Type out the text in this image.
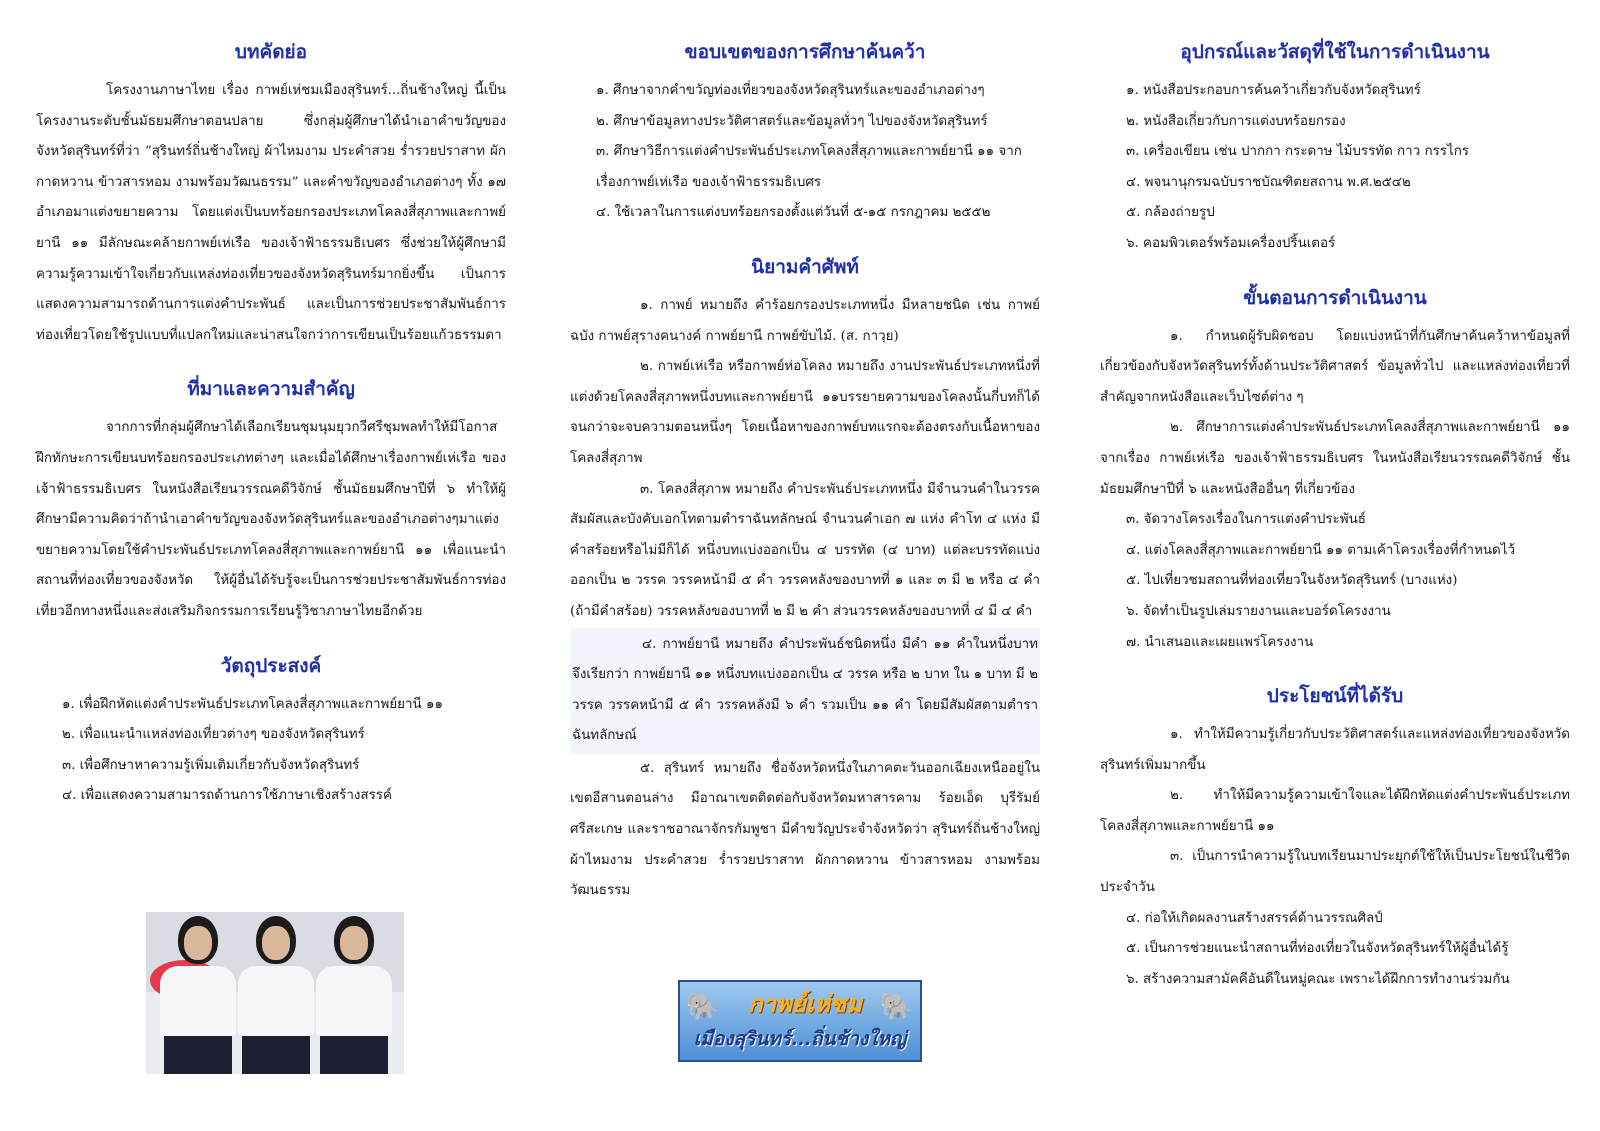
บทคัดย่อ

โครงงานภาษาไทย เรื่อง กาพย์เห่ชมเมืองสุรินทร์...ถิ่นช้างใหญ่ นี้เป็นโครงงานระดับชั้นมัธยมศึกษาตอนปลาย ซึ่งกลุ่มผู้ศึกษาได้นำเอาคำขวัญของจังหวัดสุรินทร์ที่ว่า “สุรินทร์ถิ่นช้างใหญ่ ผ้าไหมงาม ประคำสวย ร่ำรวยปราสาท ผักกาดหวาน ข้าวสารหอม งามพร้อมวัฒนธรรม” และคำขวัญของอำเภอต่างๆ ทั้ง ๑๗ อำเภอมาแต่งขยายความ โดยแต่งเป็นบทร้อยกรองประเภทโคลงสี่สุภาพและกาพย์ยานี ๑๑ มีลักษณะคล้ายกาพย์เห่เรือ ของเจ้าฟ้าธรรมธิเบศร ซึ่งช่วยให้ผู้ศึกษามีความรู้ความเข้าใจเกี่ยวกับแหล่งท่องเที่ยวของจังหวัดสุรินทร์มากยิ่งขึ้น เป็นการแสดงความสามารถด้านการแต่งคำประพันธ์ และเป็นการช่วยประชาสัมพันธ์การท่องเที่ยวโดยใช้รูปแบบที่แปลกใหม่และน่าสนใจกว่าการเขียนเป็นร้อยแก้วธรรมดา

ที่มาและความสำคัญ

จากการที่กลุ่มผู้ศึกษาได้เลือกเรียนชุมนุมยุวกวีศรีชุมพลทำให้มีโอกาสฝึกทักษะการเขียนบทร้อยกรองประเภทต่างๆ และเมื่อได้ศึกษาเรื่องกาพย์เห่เรือ ของเจ้าฟ้าธรรมธิเบศร ในหนังสือเรียนวรรณคดีวิจักษ์ ชั้นมัธยมศึกษาปีที่ ๖ ทำให้ผู้ศึกษามีความคิดว่าถ้านำเอาคำขวัญของจังหวัดสุรินทร์และของอำเภอต่างๆมาแต่งขยายความโดยใช้คำประพันธ์ประเภทโคลงสี่สุภาพและกาพย์ยานี ๑๑ เพื่อแนะนำสถานที่ท่องเที่ยวของจังหวัด ให้ผู้อื่นได้รับรู้จะเป็นการช่วยประชาสัมพันธ์การท่องเที่ยวอีกทางหนึ่งและส่งเสริมกิจกรรมการเรียนรู้วิชาภาษาไทยอีกด้วย

วัตถุประสงค์
๑. เพื่อฝึกหัดแต่งคำประพันธ์ประเภทโคลงสี่สุภาพและกาพย์ยานี ๑๑
๒. เพื่อแนะนำแหล่งท่องเที่ยวต่างๆ ของจังหวัดสุรินทร์
๓. เพื่อศึกษาหาความรู้เพิ่มเติมเกี่ยวกับจังหวัดสุรินทร์
๔. เพื่อแสดงความสามารถด้านการใช้ภาษาเชิงสร้างสรรค์
ขอบเขตของการศึกษาค้นคว้า
๑. ศึกษาจากคำขวัญท่องเที่ยวของจังหวัดสุรินทร์และของอำเภอต่างๆ
๒. ศึกษาข้อมูลทางประวัติศาสตร์และข้อมูลทั่วๆ ไปของจังหวัดสุรินทร์
๓. ศึกษาวิธีการแต่งคำประพันธ์ประเภทโคลงสี่สุภาพและกาพย์ยานี ๑๑ จากเรื่องกาพย์เห่เรือ ของเจ้าฟ้าธรรมธิเบศร
๔. ใช้เวลาในการแต่งบทร้อยกรองตั้งแต่วันที่ ๕-๑๕ กรกฎาคม ๒๕๕๒
นิยามคำศัพท์

๑. กาพย์ หมายถึง คำร้อยกรองประเภทหนึ่ง มีหลายชนิด เช่น กาพย์ฉบัง กาพย์สุรางคนางค์ กาพย์ยานี กาพย์ขับไม้. (ส. กาวฺย)

๒. กาพย์เห่เรือ หรือกาพย์ห่อโคลง หมายถึง งานประพันธ์ประเภทหนึ่งที่แต่งด้วยโคลงสี่สุภาพหนึ่งบทและกาพย์ยานี ๑๑บรรยายความของโคลงนั้นกี่บทก็ได้จนกว่าจะจบความตอนหนึ่งๆ โดยเนื้อหาของกาพย์บทแรกจะต้องตรงกับเนื้อหาของโคลงสี่สุภาพ

๓. โคลงสี่สุภาพ หมายถึง คำประพันธ์ประเภทหนึ่ง มีจำนวนคำในวรรคสัมผัสและบังคับเอกโทตามตำราฉันทลักษณ์ จำนวนคำเอก ๗ แห่ง คำโท ๔ แห่ง มีคำสร้อยหรือไม่มีก็ได้ หนึ่งบทแบ่งออกเป็น ๔ บรรทัด (๔ บาท) แต่ละบรรทัดแบ่งออกเป็น ๒ วรรค วรรคหน้ามี ๕ คำ วรรคหลังของบาทที่ ๑ และ ๓ มี ๒ หรือ ๔ คำ (ถ้ามีคำสร้อย) วรรคหลังของบาทที่ ๒ มี ๒ คำ ส่วนวรรคหลังของบาทที่ ๔ มี ๔ คำ

๔. กาพย์ยานี หมายถึง คำประพันธ์ชนิดหนึ่ง มีคำ ๑๑ คำในหนึ่งบาท จึงเรียกว่า กาพย์ยานี ๑๑ หนึ่งบทแบ่งออกเป็น ๔ วรรค หรือ ๒ บาท ใน ๑ บาท มี ๒ วรรค วรรคหน้ามี ๕ คำ วรรคหลังมี ๖ คำ รวมเป็น ๑๑ คำ โดยมีสัมผัสตามตำราฉันทลักษณ์

๕. สุรินทร์ หมายถึง ชื่อจังหวัดหนึ่งในภาคตะวันออกเฉียงเหนืออยู่ในเขตอีสานตอนล่าง มีอาณาเขตติดต่อกับจังหวัดมหาสารคาม ร้อยเอ็ด บุรีรัมย์ ศรีสะเกษ และราชอาณาจักรกัมพูชา มีคำขวัญประจำจังหวัดว่า สุรินทร์ถิ่นช้างใหญ่ ผ้าไหมงาม ประคำสวย ร่ำรวยปราสาท ผักกาดหวาน ข้าวสารหอม งามพร้อมวัฒนธรรม

🐘	🐘
กาพย์เห่ชม
เมืองสุรินทร์...ถิ่นช้างใหญ่
อุปกรณ์และวัสดุที่ใช้ในการดำเนินงาน
๑. หนังสือประกอบการค้นคว้าเกี่ยวกับจังหวัดสุรินทร์
๒. หนังสือเกี่ยวกับการแต่งบทร้อยกรอง
๓. เครื่องเขียน เช่น ปากกา กระดาษ ไม้บรรทัด กาว กรรไกร
๔. พจนานุกรมฉบับราชบัณฑิตยสถาน พ.ศ.๒๕๔๒
๕. กล้องถ่ายรูป
๖. คอมพิวเตอร์พร้อมเครื่องปริ้นเตอร์
ขั้นตอนการดำเนินงาน

๑. กำหนดผู้รับผิดชอบ โดยแบ่งหน้าที่กันศึกษาค้นคว้าหาข้อมูลที่เกี่ยวข้องกับจังหวัดสุรินทร์ทั้งด้านประวัติศาสตร์ ข้อมูลทั่วไป และแหล่งท่องเที่ยวที่สำคัญจากหนังสือและเว็บไซต์ต่าง ๆ

๒. ศึกษาการแต่งคำประพันธ์ประเภทโคลงสี่สุภาพและกาพย์ยานี ๑๑ จากเรื่อง กาพย์เห่เรือ ของเจ้าฟ้าธรรมธิเบศร ในหนังสือเรียนวรรณคดีวิจักษ์ ชั้นมัธยมศึกษาปีที่ ๖ และหนังสืออื่นๆ ที่เกี่ยวข้อง

๓. จัดวางโครงเรื่องในการแต่งคำประพันธ์
๔. แต่งโคลงสี่สุภาพและกาพย์ยานี ๑๑ ตามเค้าโครงเรื่องที่กำหนดไว้
๕. ไปเที่ยวชมสถานที่ท่องเที่ยวในจังหวัดสุรินทร์ (บางแห่ง)
๖. จัดทำเป็นรูปเล่มรายงานและบอร์ดโครงงาน
๗. นำเสนอและเผยแพร่โครงงาน
ประโยชน์ที่ได้รับ

๑. ทำให้มีความรู้เกี่ยวกับประวัติศาสตร์และแหล่งท่องเที่ยวของจังหวัดสุรินทร์เพิ่มมากขึ้น

๒. ทำให้มีความรู้ความเข้าใจและได้ฝึกหัดแต่งคำประพันธ์ประเภทโคลงสี่สุภาพและกาพย์ยานี ๑๑

๓. เป็นการนำความรู้ในบทเรียนมาประยุกต์ใช้ให้เป็นประโยชน์ในชีวิตประจำวัน

๔. ก่อให้เกิดผลงานสร้างสรรค์ด้านวรรณศิลป์
๕. เป็นการช่วยแนะนำสถานที่ท่องเที่ยวในจังหวัดสุรินทร์ให้ผู้อื่นได้รู้
๖. สร้างความสามัคคีอันดีในหมู่คณะ เพราะได้ฝึกการทำงานร่วมกัน
